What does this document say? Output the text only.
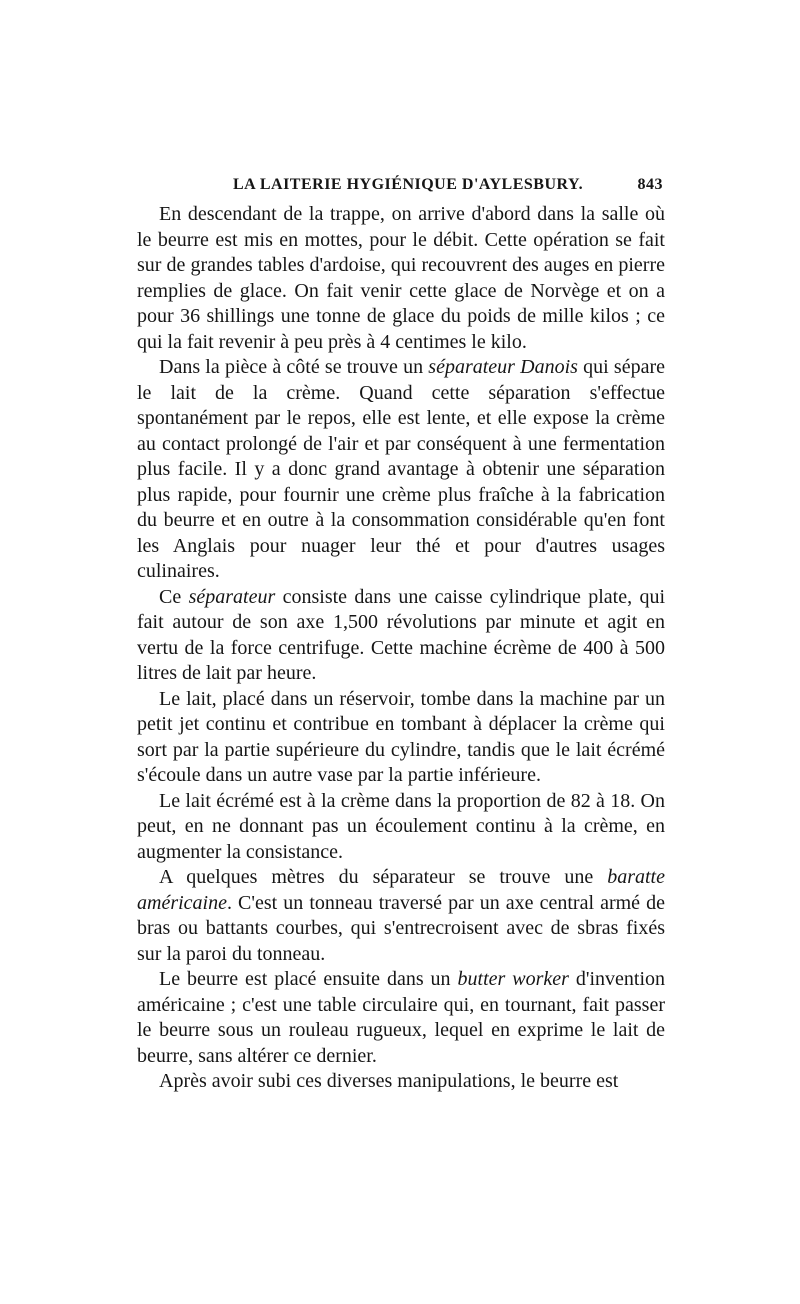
LA LAITERIE HYGIÉNIQUE D'AYLESBURY.	843

En descendant de la trappe, on arrive d'abord dans la salle où le beurre est mis en mottes, pour le débit. Cette opération se fait sur de grandes tables d'ardoise, qui recouvrent des auges en pierre remplies de glace. On fait venir cette glace de Norvège et on a pour 36 shillings une tonne de glace du poids de mille kilos ; ce qui la fait revenir à peu près à 4 centimes le kilo.

Dans la pièce à côté se trouve un séparateur Danois qui sépare le lait de la crème. Quand cette séparation s'effectue spontanément par le repos, elle est lente, et elle expose la crème au contact prolongé de l'air et par conséquent à une fermentation plus facile. Il y a donc grand avantage à obtenir une séparation plus rapide, pour fournir une crème plus fraîche à la fabrication du beurre et en outre à la consommation considérable qu'en font les Anglais pour nuager leur thé et pour d'autres usages culinaires.

Ce séparateur consiste dans une caisse cylindrique plate, qui fait autour de son axe 1,500 révolutions par minute et agit en vertu de la force centrifuge. Cette machine écrème de 400 à 500 litres de lait par heure.

Le lait, placé dans un réservoir, tombe dans la machine par un petit jet continu et contribue en tombant à déplacer la crème qui sort par la partie supérieure du cylindre, tandis que le lait écrémé s'écoule dans un autre vase par la partie inférieure.

Le lait écrémé est à la crème dans la proportion de 82 à 18. On peut, en ne donnant pas un écoulement continu à la crème, en augmenter la consistance.

A quelques mètres du séparateur se trouve une baratte américaine. C'est un tonneau traversé par un axe central armé de bras ou battants courbes, qui s'entrecroisent avec de sbras fixés sur la paroi du tonneau.

Le beurre est placé ensuite dans un butter worker d'invention américaine ; c'est une table circulaire qui, en tournant, fait passer le beurre sous un rouleau rugueux, lequel en exprime le lait de beurre, sans altérer ce dernier.

Après avoir subi ces diverses manipulations, le beurre est
